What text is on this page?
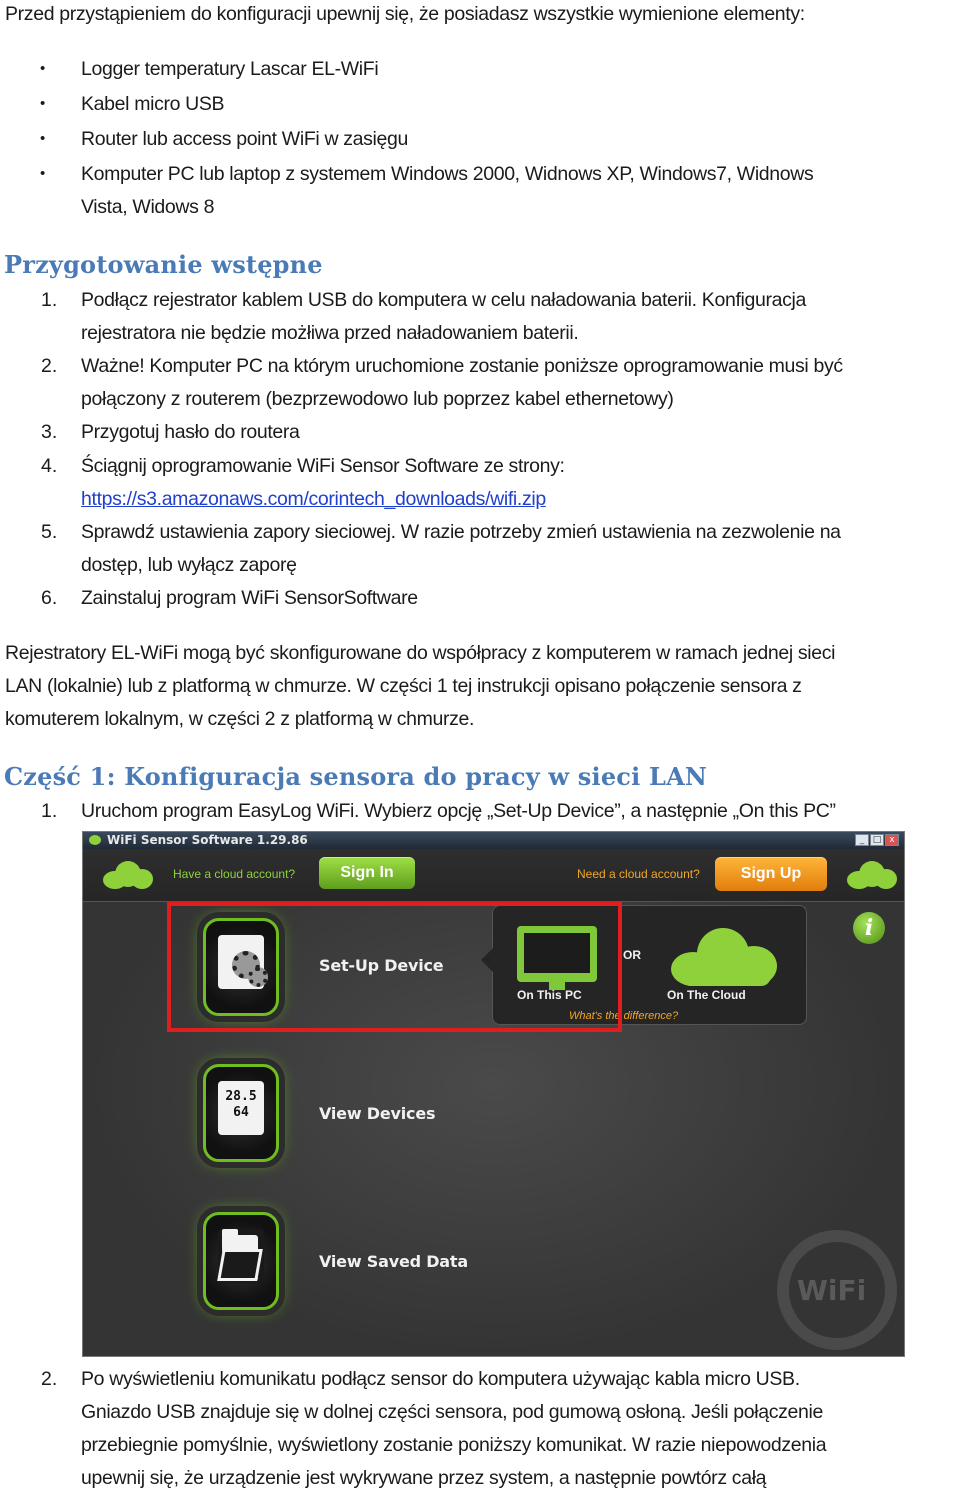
Przed przystąpieniem do konfiguracji upewnij się, że posiadasz wszystkie wymienione elementy:
• Logger temperatury Lascar EL-WiFi
• Kabel micro USB
• Router lub access point WiFi w zasięgu
• Komputer PC lub laptop z systemem Windows 2000, Widnows XP, Windows7, Widnows
Vista, Widows 8
Przygotowanie wstępne
1. Podłącz rejestrator kablem USB do komputera w celu naładowania baterii. Konfiguracja
rejestratora nie będzie możłiwa przed naładowaniem baterii.
2. Ważne! Komputer PC na którym uruchomione zostanie poniższe oprogramowanie musi być
połączony z routerem (bezprzewodowo lub poprzez kabel ethernetowy)
3. Przygotuj hasło do routera
4. Ściągnij oprogramowanie WiFi Sensor Software ze strony:
https://s3.amazonaws.com/corintech_downloads/wifi.zip
5. Sprawdź ustawienia zapory sieciowej. W razie potrzeby zmień ustawienia na zezwolenie na
dostęp, lub wyłącz zaporę
6. Zainstaluj program WiFi SensorSoftware
Rejestratory EL-WiFi mogą być skonfigurowane do współpracy z komputerem w ramach jednej sieci
LAN (lokalnie) lub z platformą w chmurze. W części 1 tej instrukcji opisano połączenie sensora z
komuterem lokalnym, w części 2 z platformą w chmurze.
Część 1: Konfiguracja sensora do pracy w sieci LAN
1. Uruchom program EasyLog WiFi. Wybierz opcję „Set-Up Device”, a następnie „On this PC”
WiFi Sensor Software 1.29.86	_ □ x
Have a cloud account?	Sign In	Need a cloud account?	Sign Up
i
Set-Up Device
On This PC
OR
On The Cloud
What's the difference?
28.5
64	View Devices
View Saved Data
WiFi
2. Po wyświetleniu komunikatu podłącz sensor do komputera używając kabla micro USB.
Gniazdo USB znajduje się w dolnej części sensora, pod gumową osłoną. Jeśli połączenie
przebiegnie pomyślnie, wyświetlony zostanie poniższy komunikat. W razie niepowodzenia
upewnij się, że urządzenie jest wykrywane przez system, a następnie powtórz całą
